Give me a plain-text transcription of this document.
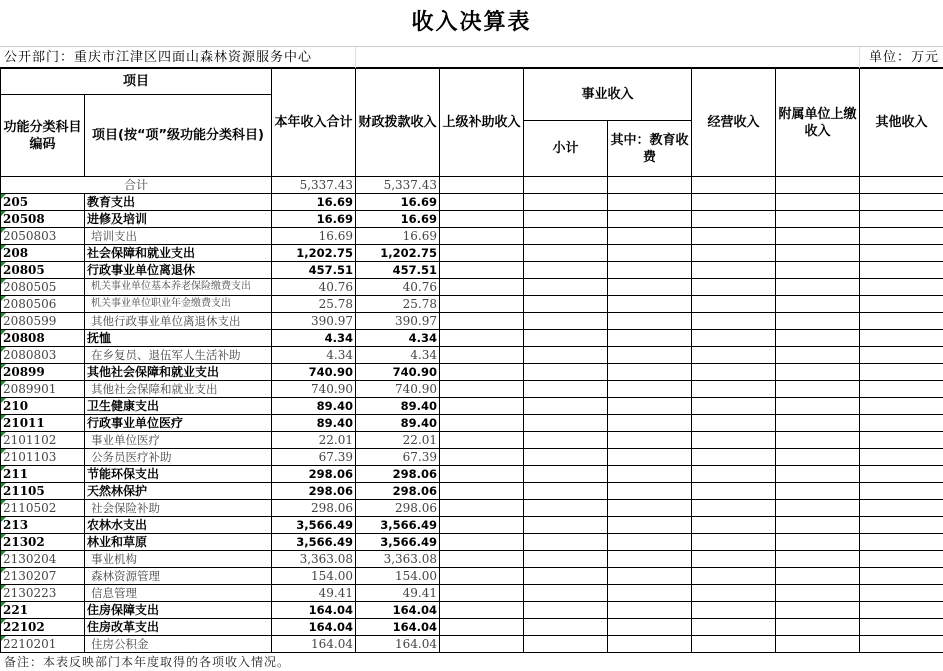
收入决算表
公开部门：重庆市江津区四面山森林资源服务中心	单位：万元
项目		本年收入合计	财政拨款收入	上级补助收入	事业收入		经营收入	附属单位上缴收入	其他收入
功能分类科目编码	项目(按“项”级功能分类科目)								
					小计	其中：教育收费			
合计		5,337.43	5,337.43						
205	教育支出	16.69	16.69						
20508	进修及培训	16.69	16.69						
2050803	培训支出	16.69	16.69						
208	社会保障和就业支出	1,202.75	1,202.75						
20805	行政事业单位离退休	457.51	457.51						
2080505	机关事业单位基本养老保险缴费支出	40.76	40.76						
2080506	机关事业单位职业年金缴费支出	25.78	25.78						
2080599	其他行政事业单位离退休支出	390.97	390.97						
20808	抚恤	4.34	4.34						
2080803	在乡复员、退伍军人生活补助	4.34	4.34						
20899	其他社会保障和就业支出	740.90	740.90						
2089901	其他社会保障和就业支出	740.90	740.90						
210	卫生健康支出	89.40	89.40						
21011	行政事业单位医疗	89.40	89.40						
2101102	事业单位医疗	22.01	22.01						
2101103	公务员医疗补助	67.39	67.39						
211	节能环保支出	298.06	298.06						
21105	天然林保护	298.06	298.06						
2110502	社会保险补助	298.06	298.06						
213	农林水支出	3,566.49	3,566.49						
21302	林业和草原	3,566.49	3,566.49						
2130204	事业机构	3,363.08	3,363.08						
2130207	森林资源管理	154.00	154.00						
2130223	信息管理	49.41	49.41						
221	住房保障支出	164.04	164.04						
22102	住房改革支出	164.04	164.04						
2210201	住房公积金	164.04	164.04						
备注：本表反映部门本年度取得的各项收入情况。
